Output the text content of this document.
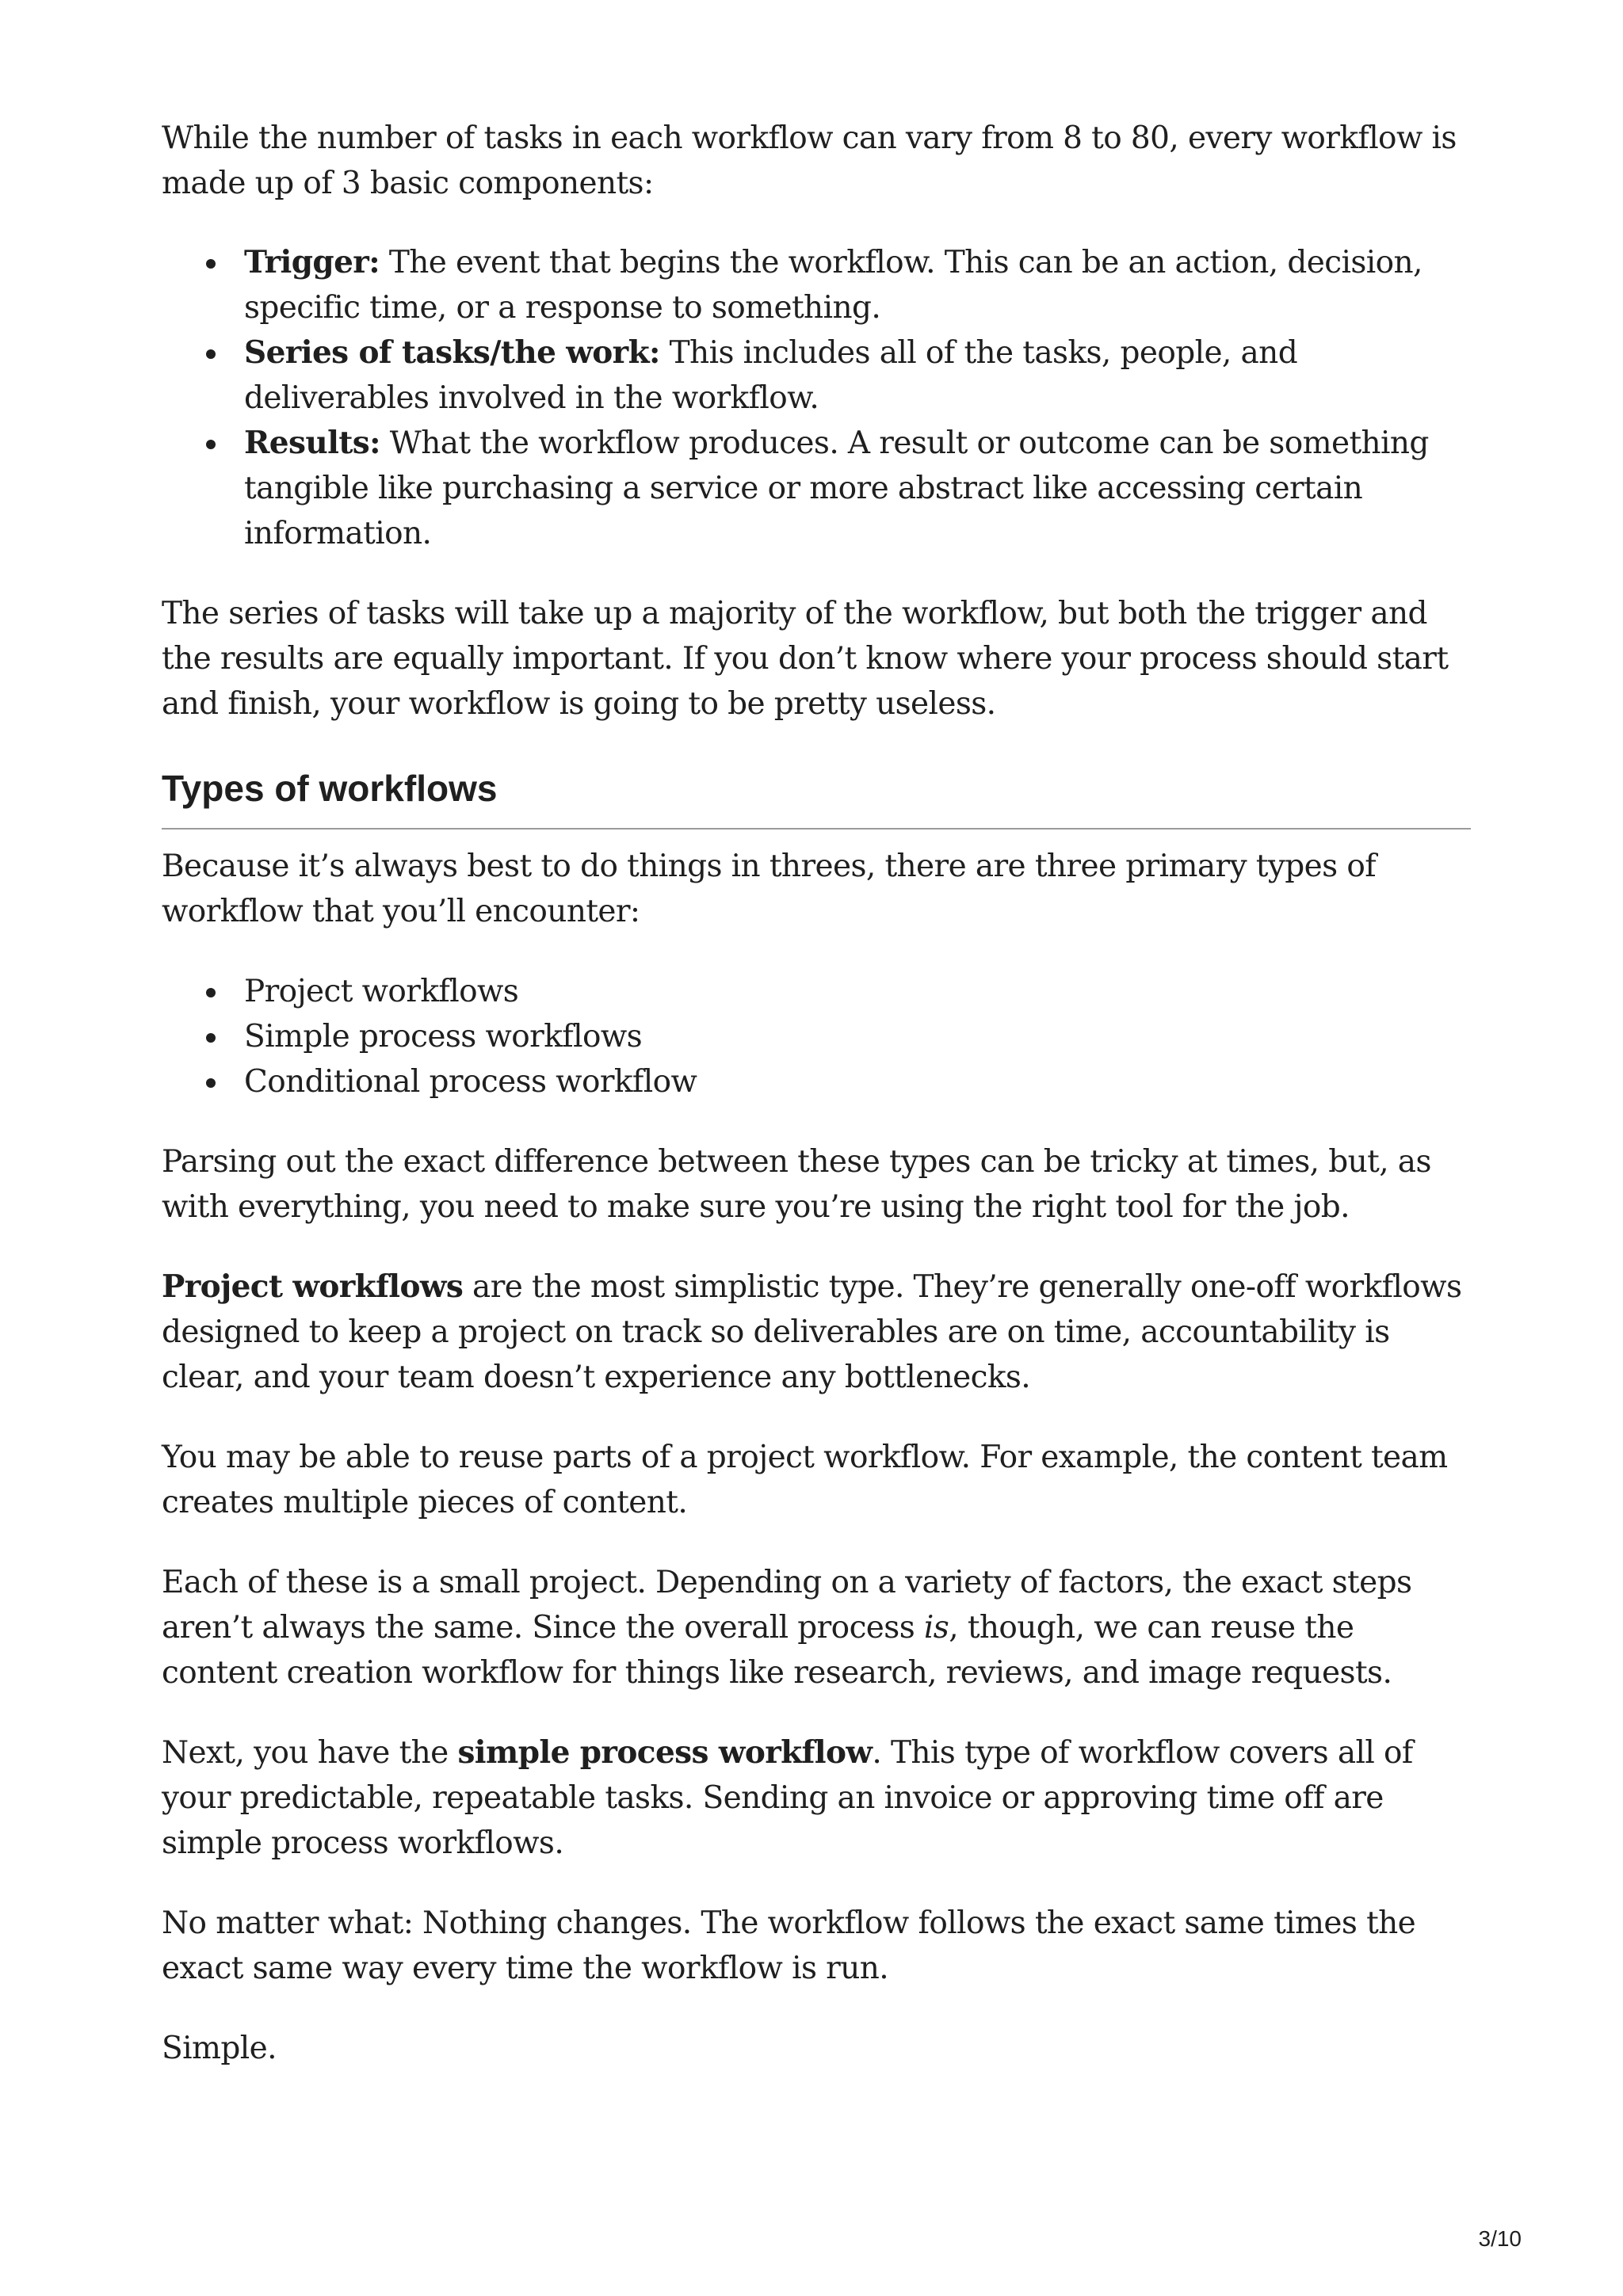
While the number of tasks in each workflow can vary from 8 to 80, every workflow is made up of 3 basic components:

Trigger: The event that begins the workflow. This can be an action, decision, specific time, or a response to something.
Series of tasks/the work: This includes all of the tasks, people, and deliverables involved in the workflow.
Results: What the workflow produces. A result or outcome can be something tangible like purchasing a service or more abstract like accessing certain information.

The series of tasks will take up a majority of the workflow, but both the trigger and the results are equally important. If you don’t know where your process should start and finish, your workflow is going to be pretty useless.

Types of workflows

Because it’s always best to do things in threes, there are three primary types of workflow that you’ll encounter:

Project workflows
Simple process workflows
Conditional process workflow

Parsing out the exact difference between these types can be tricky at times, but, as with everything, you need to make sure you’re using the right tool for the job.

Project workflows are the most simplistic type. They’re generally one-off workflows designed to keep a project on track so deliverables are on time, accountability is clear, and your team doesn’t experience any bottlenecks.

You may be able to reuse parts of a project workflow. For example, the content team creates multiple pieces of content.

Each of these is a small project. Depending on a variety of factors, the exact steps aren’t always the same. Since the overall process is, though, we can reuse the content creation workflow for things like research, reviews, and image requests.

Next, you have the simple process workflow. This type of workflow covers all of your predictable, repeatable tasks. Sending an invoice or approving time off are simple process workflows.

No matter what: Nothing changes. The workflow follows the exact same times the exact same way every time the workflow is run.

Simple.

3/10
